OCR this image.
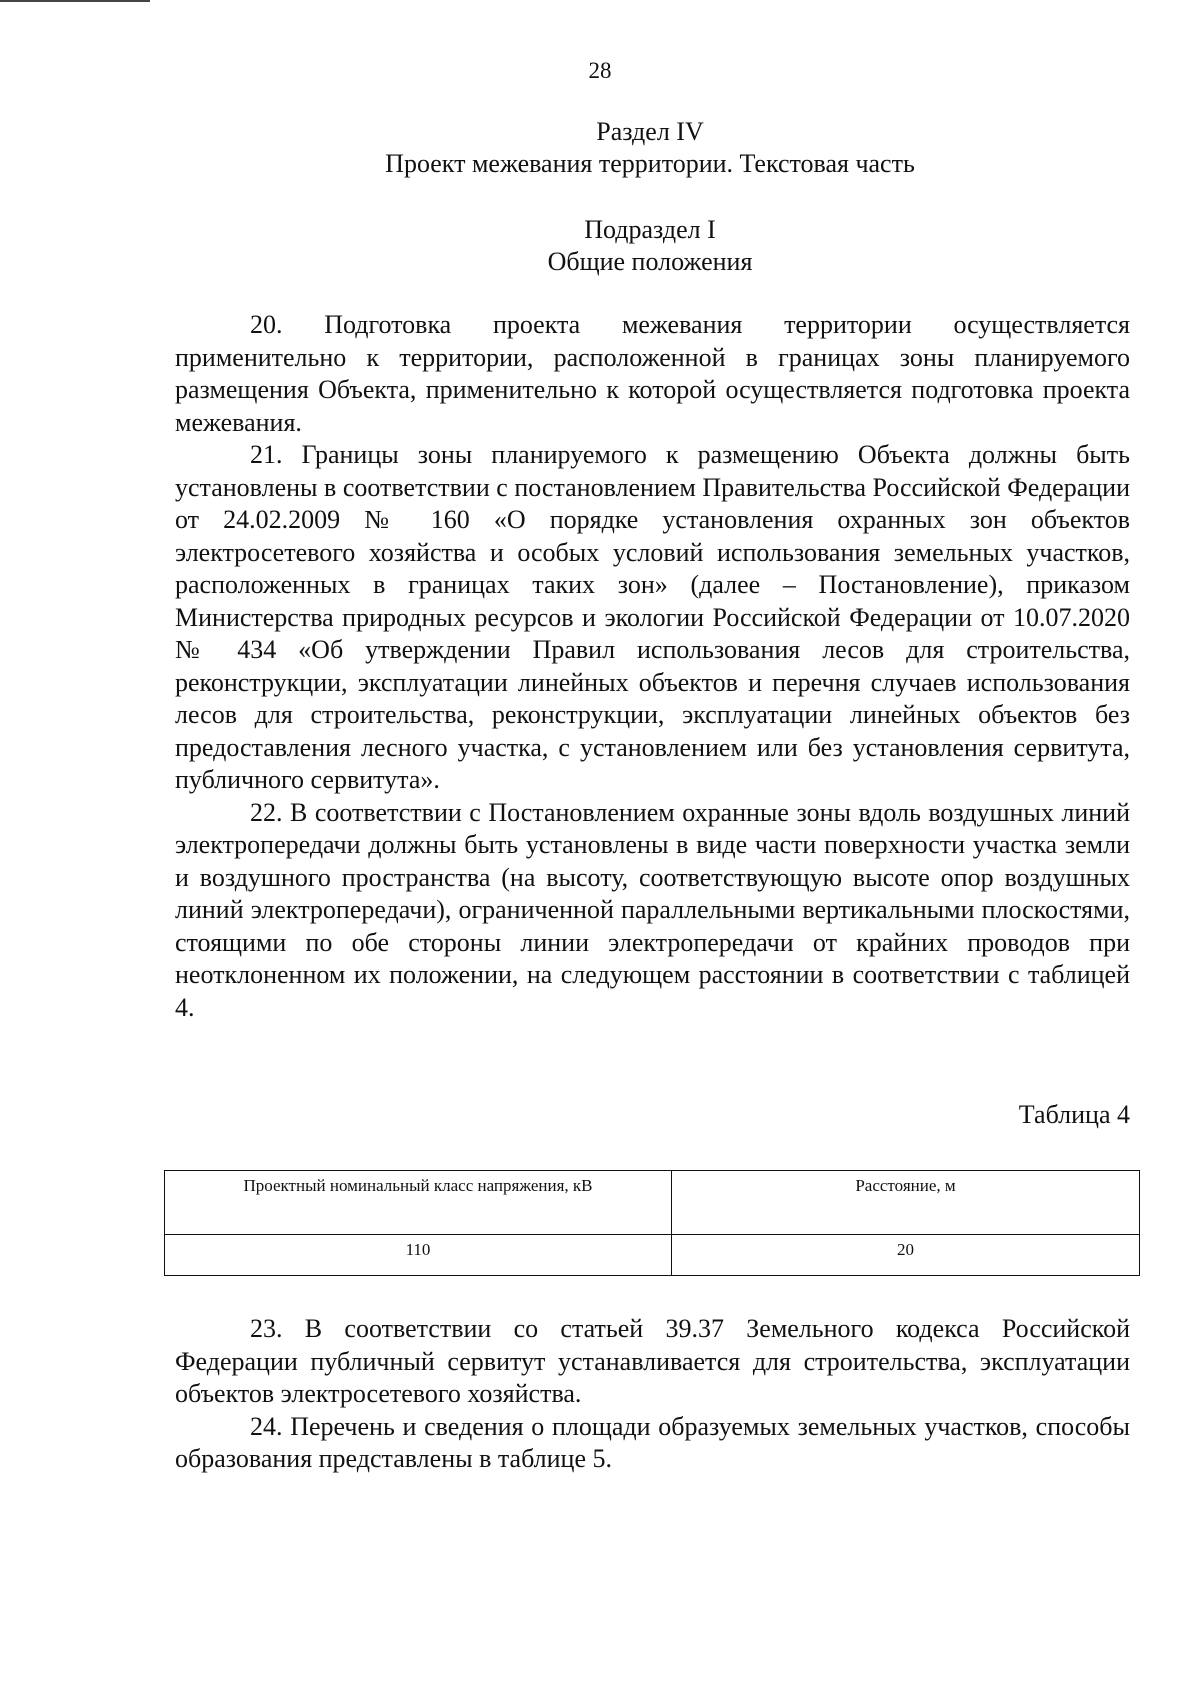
28
Раздел IV
Проект межевания территории. Текстовая часть
Подраздел I
Общие положения

20. Подготовка проекта межевания территории осуществляется применительно к территории, расположенной в границах зоны планируемого размещения Объекта, применительно к которой осуществляется подготовка проекта межевания.

21. Границы зоны планируемого к размещению Объекта должны быть установлены в соответствии с постановлением Правительства Российской Федерации от 24.02.2009 № 160 «О порядке установления охранных зон объектов электросетевого хозяйства и особых условий использования земельных участков, расположенных в границах таких зон» (далее – Постановление), приказом Министерства природных ресурсов и экологии Российской Федерации от 10.07.2020 № 434 «Об утверждении Правил использования лесов для строительства, реконструкции, эксплуатации линейных объектов и перечня случаев использования лесов для строительства, реконструкции, эксплуатации линейных объектов без предоставления лесного участка, с установлением или без установления сервитута, публичного сервитута».

22. В соответствии с Постановлением охранные зоны вдоль воздушных линий электропередачи должны быть установлены в виде части поверхности участка земли и воздушного пространства (на высоту, соответствующую высоте опор воздушных линий электропередачи), ограниченной параллельными вертикальными плоскостями, стоящими по обе стороны линии электропередачи от крайних проводов при неотклоненном их положении, на следующем расстоянии в соответствии с таблицей 4.

Таблица 4
Проектный номинальный класс напряжения, кВ	Расстояние, м
110	20

23. В соответствии со статьей 39.37 Земельного кодекса Российской Федерации публичный сервитут устанавливается для строительства, эксплуатации объектов электросетевого хозяйства.

24. Перечень и сведения о площади образуемых земельных участков, способы образования представлены в таблице 5.
